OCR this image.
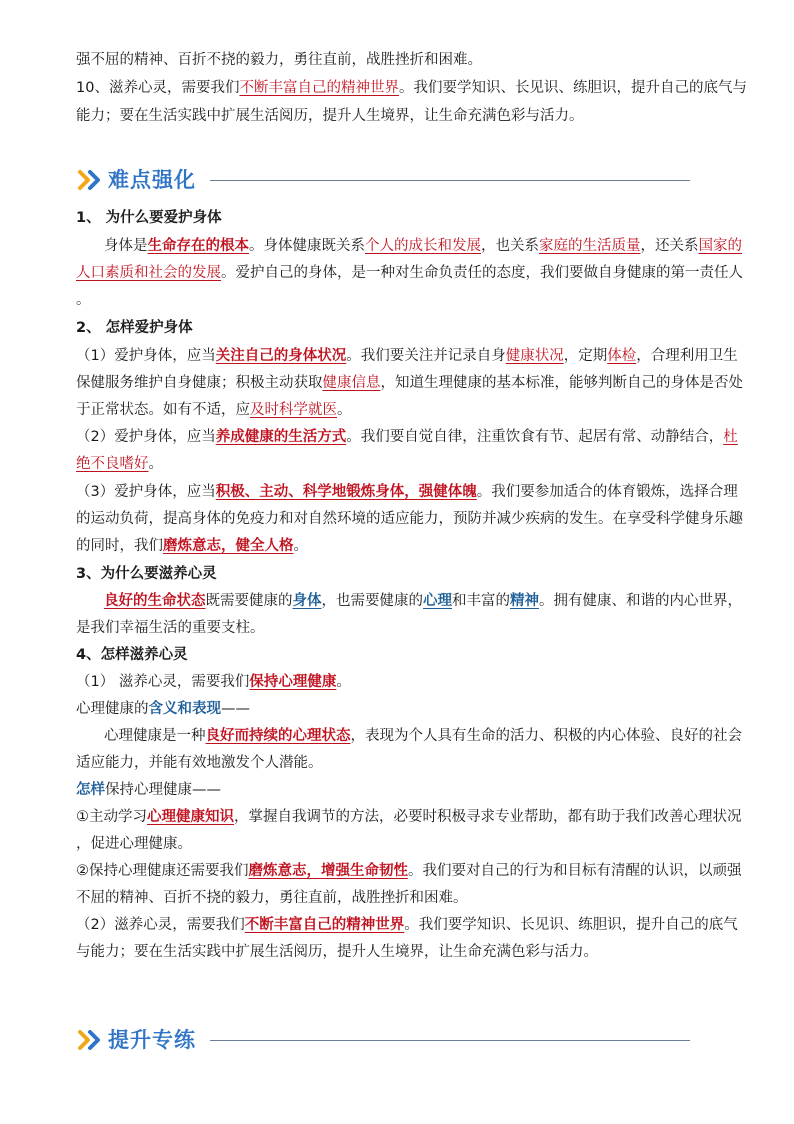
强不屈的精神、百折不挠的毅力，勇往直前，战胜挫折和困难。
10、滋养心灵，需要我们不断丰富自己的精神世界。我们要学知识、长见识、练胆识，提升自己的底气与
能力；要在生活实践中扩展生活阅历，提升人生境界，让生命充满色彩与活力。
难点强化
1、 为什么要爱护身体
身体是生命存在的根本。身体健康既关系个人的成长和发展，也关系家庭的生活质量，还关系国家的
人口素质和社会的发展。爱护自己的身体，是一种对生命负责任的态度，我们要做自身健康的第一责任人
。
2、 怎样爱护身体
（1）爱护身体，应当关注自己的身体状况。我们要关注并记录自身健康状况，定期体检，合理利用卫生
保健服务维护自身健康；积极主动获取健康信息，知道生理健康的基本标准，能够判断自己的身体是否处
于正常状态。如有不适，应及时科学就医。
（2）爱护身体，应当养成健康的生活方式。我们要自觉自律，注重饮食有节、起居有常、动静结合，杜
绝不良嗜好。
（3）爱护身体，应当积极、主动、科学地锻炼身体，强健体魄。我们要参加适合的体育锻炼，选择合理
的运动负荷，提高身体的免疫力和对自然环境的适应能力，预防并减少疾病的发生。在享受科学健身乐趣
的同时，我们磨炼意志，健全人格。
3、为什么要滋养心灵
良好的生命状态既需要健康的身体，也需要健康的心理和丰富的精神。拥有健康、和谐的内心世界，
是我们幸福生活的重要支柱。
4、怎样滋养心灵
（1） 滋养心灵，需要我们保持心理健康。
心理健康的含义和表现——
心理健康是一种良好而持续的心理状态，表现为个人具有生命的活力、积极的内心体验、良好的社会
适应能力，并能有效地激发个人潜能。
怎样保持心理健康——
①主动学习心理健康知识，掌握自我调节的方法，必要时积极寻求专业帮助，都有助于我们改善心理状况
，促进心理健康。
②保持心理健康还需要我们磨炼意志，增强生命韧性。我们要对自己的行为和目标有清醒的认识，以顽强
不屈的精神、百折不挠的毅力，勇往直前，战胜挫折和困难。
（2）滋养心灵，需要我们不断丰富自己的精神世界。我们要学知识、长见识、练胆识，提升自己的底气
与能力；要在生活实践中扩展生活阅历，提升人生境界，让生命充满色彩与活力。
提升专练
